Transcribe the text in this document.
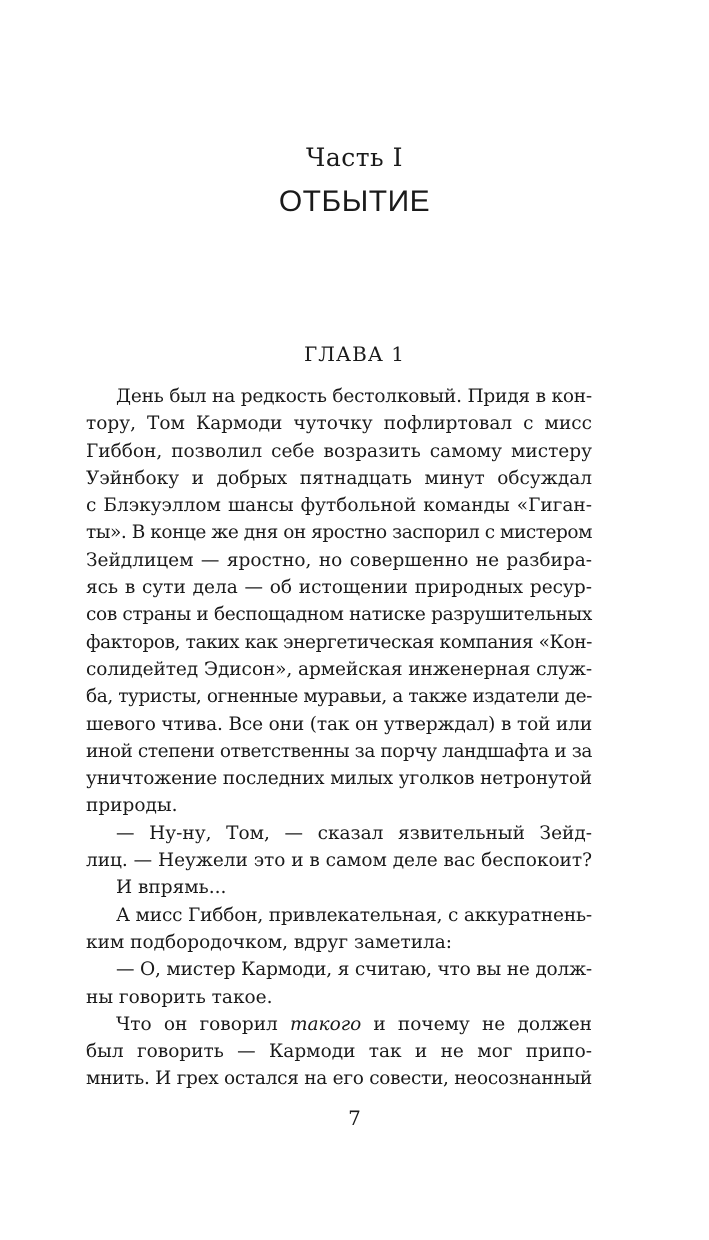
Часть I
ОТБЫТИЕ
ГЛАВА 1
День был на редкость бестолковый. Придя в кон-
тору, Том Кармоди чуточку пофлиртовал с мисс
Гиббон, позволил себе возразить самому мистеру
Уэйнбоку и добрых пятнадцать минут обсуждал
с Блэкуэллом шансы футбольной команды «Гиган-
ты». В конце же дня он яростно заспорил с мистером
Зейдлицем — яростно, но совершенно не разбира-
ясь в сути дела — об истощении природных ресур-
сов страны и беспощадном натиске разрушительных
факторов, таких как энергетическая компания «Кон-
солидейтед Эдисон», армейская инженерная служ-
ба, туристы, огненные муравьи, а также издатели де-
шевого чтива. Все они (так он утверждал) в той или
иной степени ответственны за порчу ландшафта и за
уничтожение последних милых уголков нетронутой
природы.
— Ну-ну, Том, — сказал язвительный Зейд-
лиц. — Неужели это и в самом деле вас беспокоит?
И впрямь...
А мисс Гиббон, привлекательная, с аккуратнень-
ким подбородочком, вдруг заметила:
— О, мистер Кармоди, я считаю, что вы не долж-
ны говорить такое.
Что он говорил такого и почему не должен
был говорить — Кармоди так и не мог припо-
мнить. И грех остался на его совести, неосознанный
7
